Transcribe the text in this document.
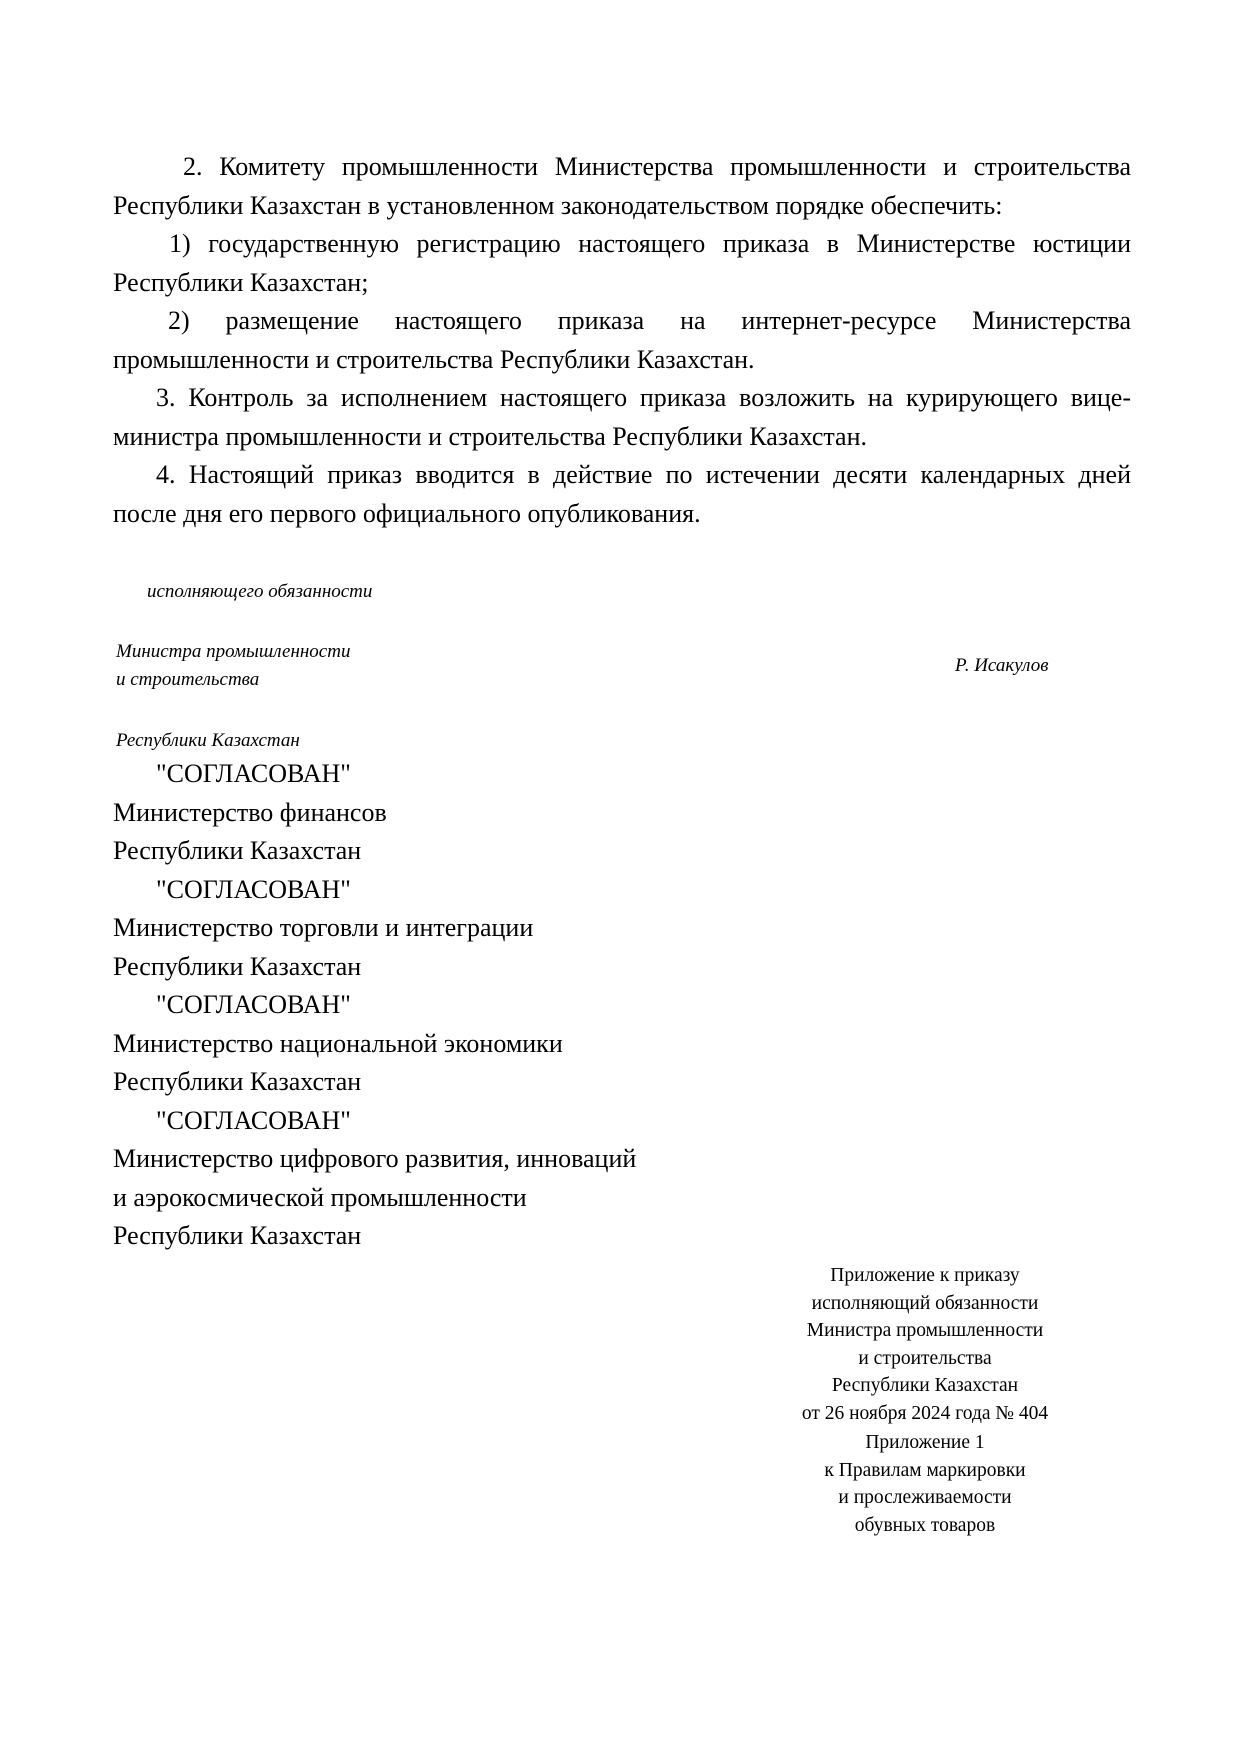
2. Комитету промышленности Министерства промышленности и строительства Республики Казахстан в установленном законодательством порядке обеспечить:

1) государственную регистрацию настоящего приказа в Министерстве юстиции Республики Казахстан;

2) размещение настоящего приказа на интернет-ресурсе Министерства промышленности и строительства Республики Казахстан.

3. Контроль за исполнением настоящего приказа возложить на курирующего вице-министра промышленности и строительства Республики Казахстан.

4. Настоящий приказ вводится в действие по истечении десяти календарных дней после дня его первого официального опубликования.

исполняющего обязанности
Министра промышленности
и строительства
Р. Исакулов
Республики Казахстан
"СОГЛАСОВАН"
Министерство финансов
Республики Казахстан
"СОГЛАСОВАН"
Министерство торговли и интеграции
Республики Казахстан
"СОГЛАСОВАН"
Министерство национальной экономики
Республики Казахстан
"СОГЛАСОВАН"
Министерство цифрового развития, инноваций
и аэрокосмической промышленности
Республики Казахстан
Приложение к приказу
исполняющий обязанности
Министра промышленности
и строительства
Республики Казахстан
от 26 ноября 2024 года № 404
Приложение 1
к Правилам маркировки
и прослеживаемости
обувных товаров
